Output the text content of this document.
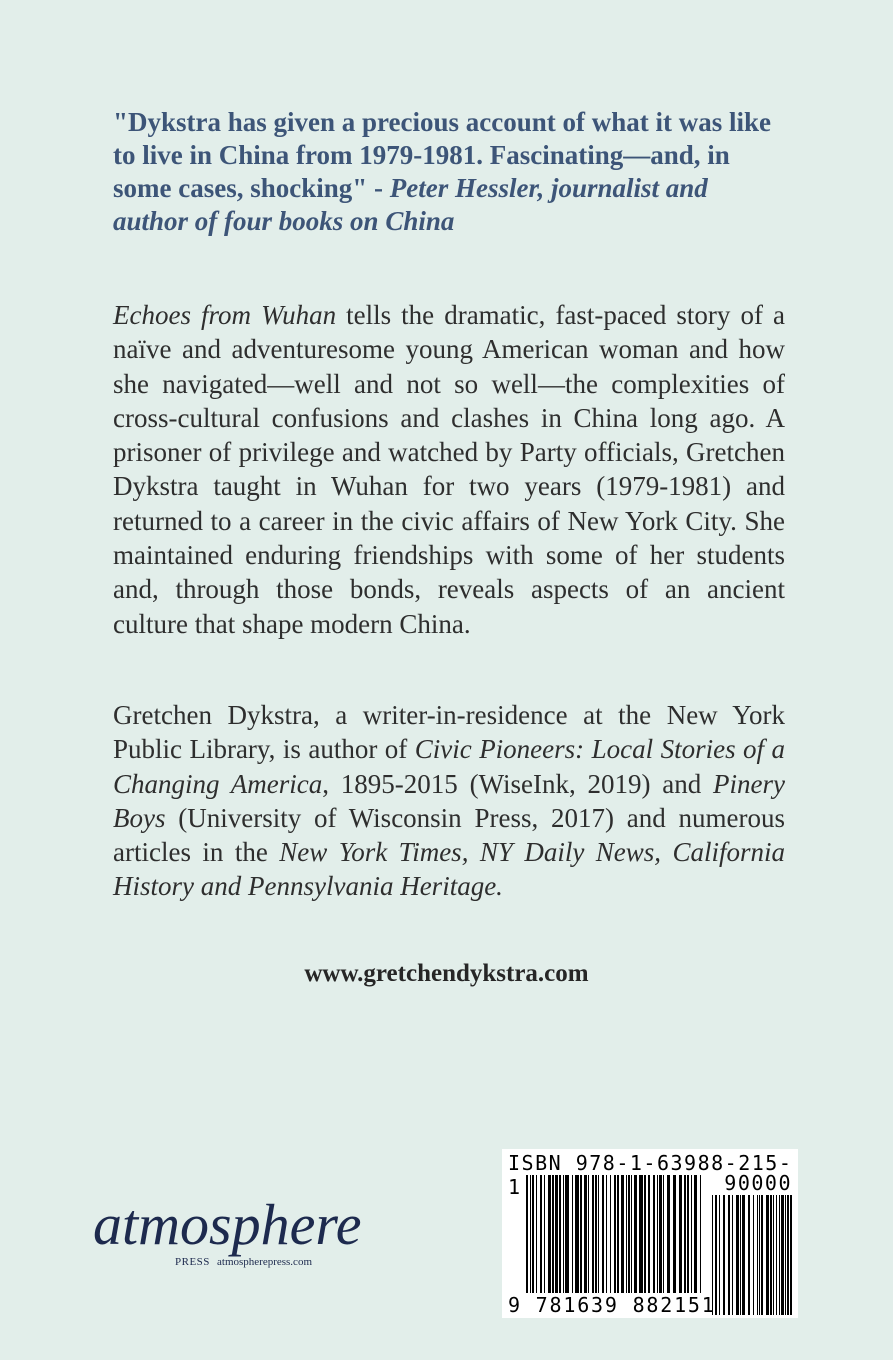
"Dykstra has given a precious account of what it was like to live in China from 1979-1981. Fascinating—and, in some cases, shocking" - Peter Hessler, journalist and author of four books on China

Echoes from Wuhan tells the dramatic, fast-paced story of a naïve and adventuresome young American woman and how she navigated—well and not so well—the complexities of cross-cultural confusions and clashes in China long ago. A prisoner of privilege and watched by Party officials, Gretchen Dykstra taught in Wuhan for two years (1979-1981) and returned to a career in the civic affairs of New York City. She maintained enduring friendships with some of her students and, through those bonds, reveals aspects of an ancient culture that shape modern China.

Gretchen Dykstra, a writer-in-residence at the New York Public Library, is author of Civic Pioneers: Local Stories of a Changing America, 1895-2015 (WiseInk, 2019) and Pinery Boys (University of Wisconsin Press, 2017) and numerous articles in the New York Times, NY Daily News, California History and Pennsylvania Heritage.

www.gretchendykstra.com
atmosphere
PRESS atmospherepress.com
ISBN 978-1-63988-215-1	90000
9 781639 882151
